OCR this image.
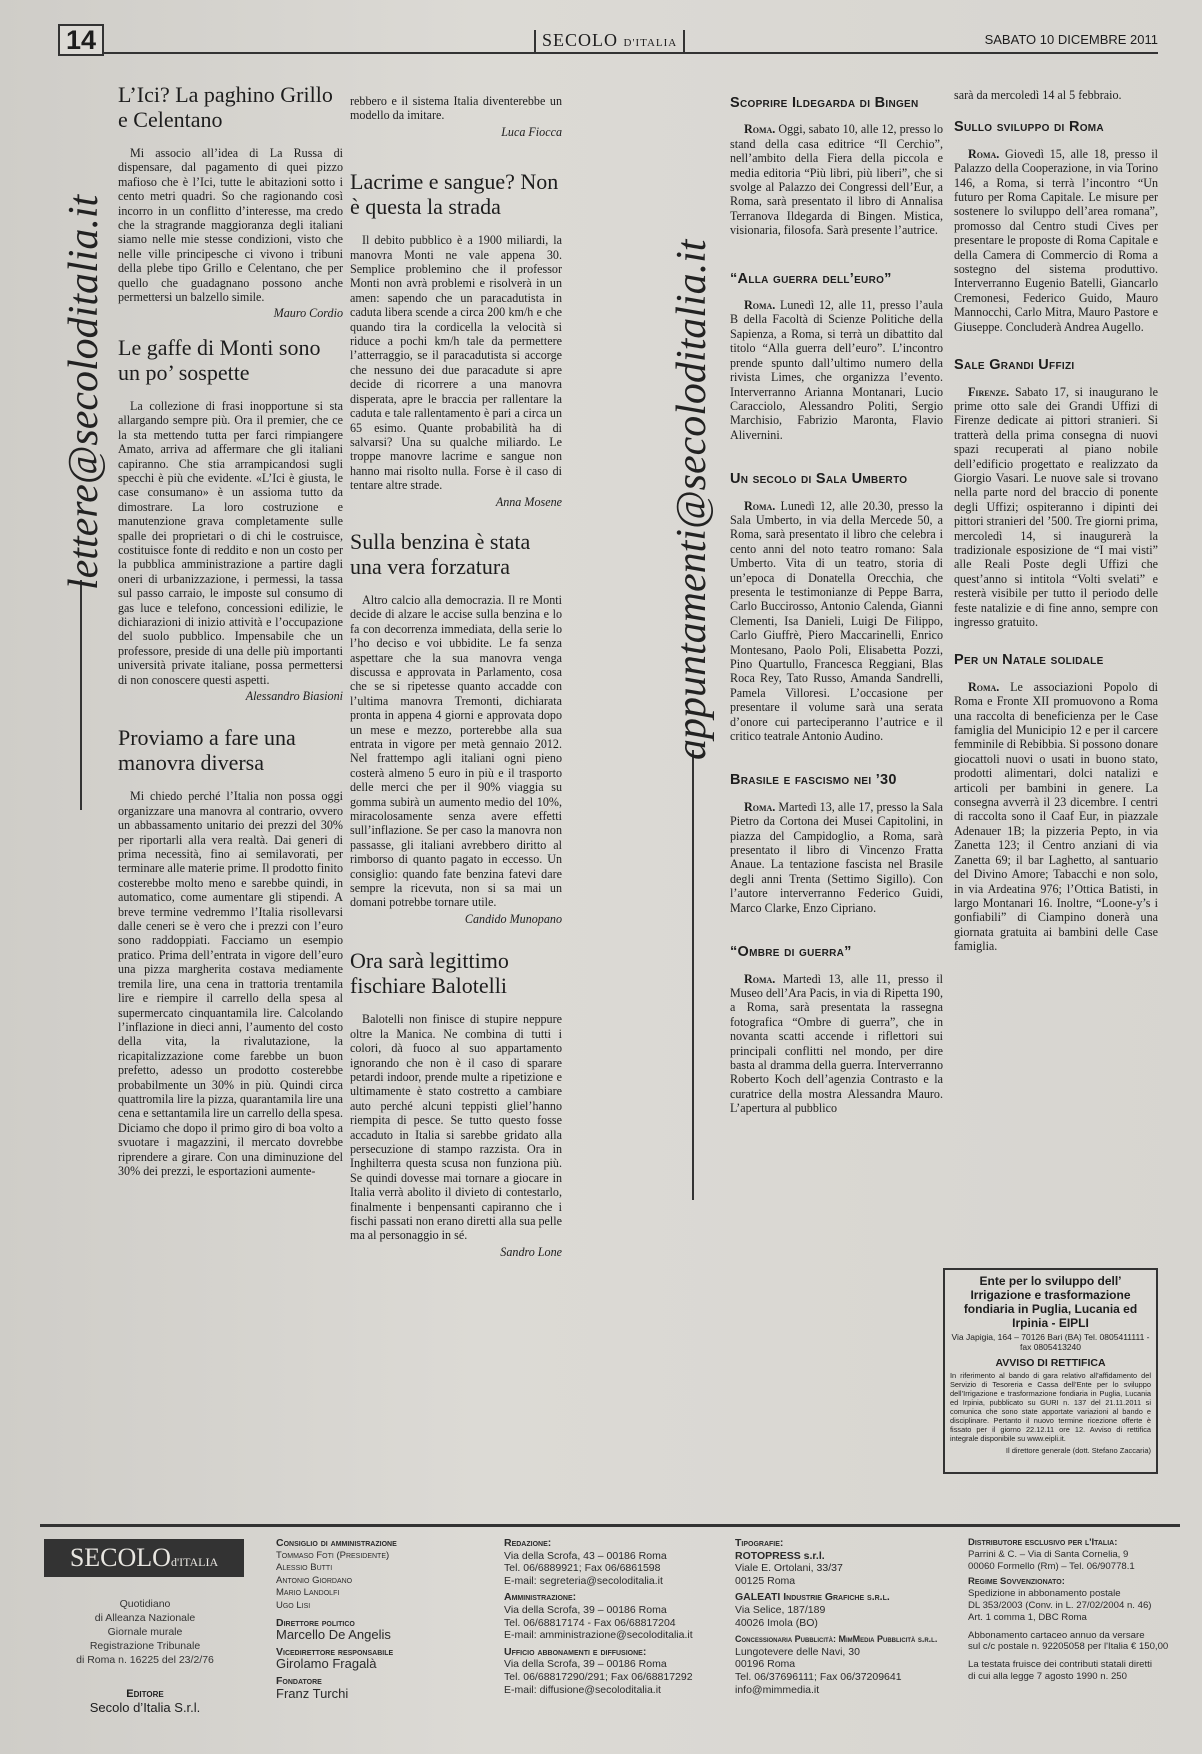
14	SECOLO D'ITALIA	SABATO 10 DICEMBRE 2011
lettere@secoloditalia.it	appuntamenti@secoloditalia.it
L’Ici? La paghino Grillo e Celentano

Mi associo all’idea di La Russa di dispensare, dal pagamento di quei pizzo mafioso che è l’Ici, tutte le abitazioni sotto i cento metri quadri. So che ragionando così incorro in un conflitto d’interesse, ma credo che la stragrande maggioranza degli italiani siamo nelle mie stesse condizioni, visto che nelle ville principesche ci vivono i tribuni della plebe tipo Grillo e Celentano, che per quello che guadagnano possono anche permettersi un balzello simile.

Mauro Cordio
Le gaffe di Monti sono un po’ sospette

La collezione di frasi inopportune si sta allargando sempre più. Ora il premier, che ce la sta mettendo tutta per farci rimpiangere Amato, arriva ad affermare che gli italiani capiranno. Che stia arrampicandosi sugli specchi è più che evidente. «L’Ici è giusta, le case consumano» è un assioma tutto da dimostrare. La loro costruzione e manutenzione grava completamente sulle spalle dei proprietari o di chi le costruisce, costituisce fonte di reddito e non un costo per la pubblica amministrazione a partire dagli oneri di urbanizzazione, i permessi, la tassa sul passo carraio, le imposte sul consumo di gas luce e telefono, concessioni edilizie, le dichiarazioni di inizio attività e l’occupazione del suolo pubblico. Impensabile che un professore, preside di una delle più importanti università private italiane, possa permettersi di non conoscere questi aspetti.

Alessandro Biasioni
Proviamo a fare una manovra diversa

Mi chiedo perché l’Italia non possa oggi organizzare una manovra al contrario, ovvero un abbassamento unitario dei prezzi del 30% per riportarli alla vera realtà. Dai generi di prima necessità, fino ai semilavorati, per terminare alle materie prime. Il prodotto finito costerebbe molto meno e sarebbe quindi, in automatico, come aumentare gli stipendi. A breve termine vedremmo l’Italia risollevarsi dalle ceneri se è vero che i prezzi con l’euro sono raddoppiati. Facciamo un esempio pratico. Prima dell’entrata in vigore dell’euro una pizza margherita costava mediamente tremila lire, una cena in trattoria trentamila lire e riempire il carrello della spesa al supermercato cinquantamila lire. Calcolando l’inflazione in dieci anni, l’aumento del costo della vita, la rivalutazione, la ricapitalizzazione come farebbe un buon prefetto, adesso un prodotto costerebbe probabilmente un 30% in più. Quindi circa quattromila lire la pizza, quarantamila lire una cena e settantamila lire un carrello della spesa. Diciamo che dopo il primo giro di boa volto a svuotare i magazzini, il mercato dovrebbe riprendere a girare. Con una diminuzione del 30% dei prezzi, le esportazioni aumente-

rebbero e il sistema Italia diventerebbe un modello da imitare.

Luca Fiocca
Lacrime e sangue? Non è questa la strada

Il debito pubblico è a 1900 miliardi, la manovra Monti ne vale appena 30. Semplice problemino che il professor Monti non avrà problemi e risolverà in un amen: sapendo che un paracadutista in caduta libera scende a circa 200 km/h e che quando tira la cordicella la velocità si riduce a pochi km/h tale da permettere l’atterraggio, se il paracadutista si accorge che nessuno dei due paracadute si apre decide di ricorrere a una manovra disperata, apre le braccia per rallentare la caduta e tale rallentamento è pari a circa un 65 esimo. Quante probabilità ha di salvarsi? Una su qualche miliardo. Le troppe manovre lacrime e sangue non hanno mai risolto nulla. Forse è il caso di tentare altre strade.

Anna Mosene
Sulla benzina è stata una vera forzatura

Altro calcio alla democrazia. Il re Monti decide di alzare le accise sulla benzina e lo fa con decorrenza immediata, della serie lo l’ho deciso e voi ubbidite. Le fa senza aspettare che la sua manovra venga discussa e approvata in Parlamento, cosa che se si ripetesse quanto accadde con l’ultima manovra Tremonti, dichiarata pronta in appena 4 giorni e approvata dopo un mese e mezzo, porterebbe alla sua entrata in vigore per metà gennaio 2012. Nel frattempo agli italiani ogni pieno costerà almeno 5 euro in più e il trasporto delle merci che per il 90% viaggia su gomma subirà un aumento medio del 10%, miracolosamente senza avere effetti sull’inflazione. Se per caso la manovra non passasse, gli italiani avrebbero diritto al rimborso di quanto pagato in eccesso. Un consiglio: quando fate benzina fatevi dare sempre la ricevuta, non si sa mai un domani potrebbe tornare utile.

Candido Munopano
Ora sarà legittimo fischiare Balotelli

Balotelli non finisce di stupire neppure oltre la Manica. Ne combina di tutti i colori, dà fuoco al suo appartamento ignorando che non è il caso di sparare petardi indoor, prende multe a ripetizione e ultimamente è stato costretto a cambiare auto perché alcuni teppisti gliel’hanno riempita di pesce. Se tutto questo fosse accaduto in Italia si sarebbe gridato alla persecuzione di stampo razzista. Ora in Inghilterra questa scusa non funziona più. Se quindi dovesse mai tornare a giocare in Italia verrà abolito il divieto di contestarlo, finalmente i benpensanti capiranno che i fischi passati non erano diretti alla sua pelle ma al personaggio in sé.

Sandro Lone
Scoprire Ildegarda di Bingen

Roma. Oggi, sabato 10, alle 12, presso lo stand della casa editrice “Il Cerchio”, nell’ambito della Fiera della piccola e media editoria “Più libri, più liberi”, che si svolge al Palazzo dei Congressi dell’Eur, a Roma, sarà presentato il libro di Annalisa Terranova Ildegarda di Bingen. Mistica, visionaria, filosofa. Sarà presente l’autrice.

“Alla guerra dell’euro”

Roma. Lunedì 12, alle 11, presso l’aula B della Facoltà di Scienze Politiche della Sapienza, a Roma, si terrà un dibattito dal titolo “Alla guerra dell’euro”. L’incontro prende spunto dall’ultimo numero della rivista Limes, che organizza l’evento. Interverranno Arianna Montanari, Lucio Caracciolo, Alessandro Politi, Sergio Marchisio, Fabrizio Maronta, Flavio Alivernini.

Un secolo di Sala Umberto

Roma. Lunedì 12, alle 20.30, presso la Sala Umberto, in via della Mercede 50, a Roma, sarà presentato il libro che celebra i cento anni del noto teatro romano: Sala Umberto. Vita di un teatro, storia di un’epoca di Donatella Orecchia, che presenta le testimonianze di Peppe Barra, Carlo Buccirosso, Antonio Calenda, Gianni Clementi, Isa Danieli, Luigi De Filippo, Carlo Giuffrè, Piero Maccarinelli, Enrico Montesano, Paolo Poli, Elisabetta Pozzi, Pino Quartullo, Francesca Reggiani, Blas Roca Rey, Tato Russo, Amanda Sandrelli, Pamela Villoresi. L’occasione per presentare il volume sarà una serata d’onore cui parteciperanno l’autrice e il critico teatrale Antonio Audino.

Brasile e fascismo nei ’30

Roma. Martedì 13, alle 17, presso la Sala Pietro da Cortona dei Musei Capitolini, in piazza del Campidoglio, a Roma, sarà presentato il libro di Vincenzo Fratta Anaue. La tentazione fascista nel Brasile degli anni Trenta (Settimo Sigillo). Con l’autore interverranno Federico Guidi, Marco Clarke, Enzo Cipriano.

“Ombre di guerra”

Roma. Martedì 13, alle 11, presso il Museo dell’Ara Pacis, in via di Ripetta 190, a Roma, sarà presentata la rassegna fotografica “Ombre di guerra”, che in novanta scatti accende i riflettori sui principali conflitti nel mondo, per dire basta al dramma della guerra. Interverranno Roberto Koch dell’agenzia Contrasto e la curatrice della mostra Alessandra Mauro. L’apertura al pubblico

sarà da mercoledì 14 al 5 febbraio.

Sullo sviluppo di Roma

Roma. Giovedì 15, alle 18, presso il Palazzo della Cooperazione, in via Torino 146, a Roma, si terrà l’incontro “Un futuro per Roma Capitale. Le misure per sostenere lo sviluppo dell’area romana”, promosso dal Centro studi Cives per presentare le proposte di Roma Capitale e della Camera di Commercio di Roma a sostegno del sistema produttivo. Interverranno Eugenio Batelli, Giancarlo Cremonesi, Federico Guido, Mauro Mannocchi, Carlo Mitra, Mauro Pastore e Giuseppe. Concluderà Andrea Augello.

Sale Grandi Uffizi

Firenze. Sabato 17, si inaugurano le prime otto sale dei Grandi Uffizi di Firenze dedicate ai pittori stranieri. Si tratterà della prima consegna di nuovi spazi recuperati al piano nobile dell’edificio progettato e realizzato da Giorgio Vasari. Le nuove sale si trovano nella parte nord del braccio di ponente degli Uffizi; ospiteranno i dipinti dei pittori stranieri del ’500. Tre giorni prima, mercoledì 14, si inaugurerà la tradizionale esposizione de “I mai visti” alle Reali Poste degli Uffizi che quest’anno si intitola “Volti svelati” e resterà visibile per tutto il periodo delle feste natalizie e di fine anno, sempre con ingresso gratuito.

Per un Natale solidale

Roma. Le associazioni Popolo di Roma e Fronte XII promuovono a Roma una raccolta di beneficienza per le Case famiglia del Municipio 12 e per il carcere femminile di Rebibbia. Si possono donare giocattoli nuovi o usati in buono stato, prodotti alimentari, dolci natalizi e articoli per bambini in genere. La consegna avverrà il 23 dicembre. I centri di raccolta sono il Caaf Eur, in piazzale Adenauer 1B; la pizzeria Pepto, in via Zanetta 123; il Centro anziani di via Zanetta 69; il bar Laghetto, al santuario del Divino Amore; Tabacchi e non solo, in via Ardeatina 976; l’Ottica Batisti, in largo Montanari 16. Inoltre, “Loone-y’s i gonfiabili” di Ciampino donerà una giornata gratuita ai bambini delle Case famiglia.

Ente per lo sviluppo dell’ Irrigazione e trasformazione fondiaria in Puglia, Lucania ed Irpinia - EIPLI
Via Japigia, 164 – 70126 Bari (BA) Tel. 0805411111 - fax 0805413240
AVVISO DI RETTIFICA
In riferimento al bando di gara relativo all’affidamento del Servizio di Tesoreria e Cassa dell’Ente per lo sviluppo dell’Irrigazione e trasformazione fondiaria in Puglia, Lucania ed Irpinia, pubblicato su GURI n. 137 del 21.11.2011 si comunica che sono state apportate variazioni al bando e disciplinare. Pertanto il nuovo termine ricezione offerte è fissato per il giorno 22.12.11 ore 12. Avviso di rettifica integrale disponibile su www.eipli.it.
Il direttore generale (dott. Stefano Zaccaria)
SECOLOd'ITALIA
Quotidiano
di Alleanza Nazionale
Giornale murale
Registrazione Tribunale
di Roma n. 16225 del 23/2/76
Editore
Secolo d’Italia S.r.l.
Consiglio di amministrazione
Tommaso Foti (Presidente)
Alessio Butti
Antonio Giordano
Mario Landolfi
Ugo Lisi
Direttore politico
Marcello De Angelis
Vicedirettore responsabile
Girolamo Fragalà
Fondatore
Franz Turchi
Redazione:
Via della Scrofa, 43 – 00186 Roma
Tel. 06/6889921; Fax 06/6861598
E-mail: segreteria@secoloditalia.it
Amministrazione:
Via della Scrofa, 39 – 00186 Roma
Tel. 06/68817174 - Fax 06/68817204
E-mail: amministrazione@secoloditalia.it
Ufficio abbonamenti e diffusione:
Via della Scrofa, 39 – 00186 Roma
Tel. 06/68817290/291; Fax 06/68817292
E-mail: diffusione@secoloditalia.it
Tipografie:
ROTOPRESS s.r.l.
Viale E. Ortolani, 33/37
00125 Roma
GALEATI Industrie Grafiche s.r.l.
Via Selice, 187/189
40026 Imola (BO)
Concessionaria Pubblicità: MimMedia Pubblicità s.r.l.
Lungotevere delle Navi, 30
00196 Roma
Tel. 06/37696111; Fax 06/37209641
info@mimmedia.it
Distributore esclusivo per l'Italia:
Parrini & C. – Via di Santa Cornelia, 9
00060 Formello (Rm) – Tel. 06/90778.1
Regime Sovvenzionato:
Spedizione in abbonamento postale
DL 353/2003 (Conv. in L. 27/02/2004 n. 46)
Art. 1 comma 1, DBC Roma
Abbonamento cartaceo annuo da versare
sul c/c postale n. 92205058 per l'Italia € 150,00
La testata fruisce dei contributi statali diretti
di cui alla legge 7 agosto 1990 n. 250
